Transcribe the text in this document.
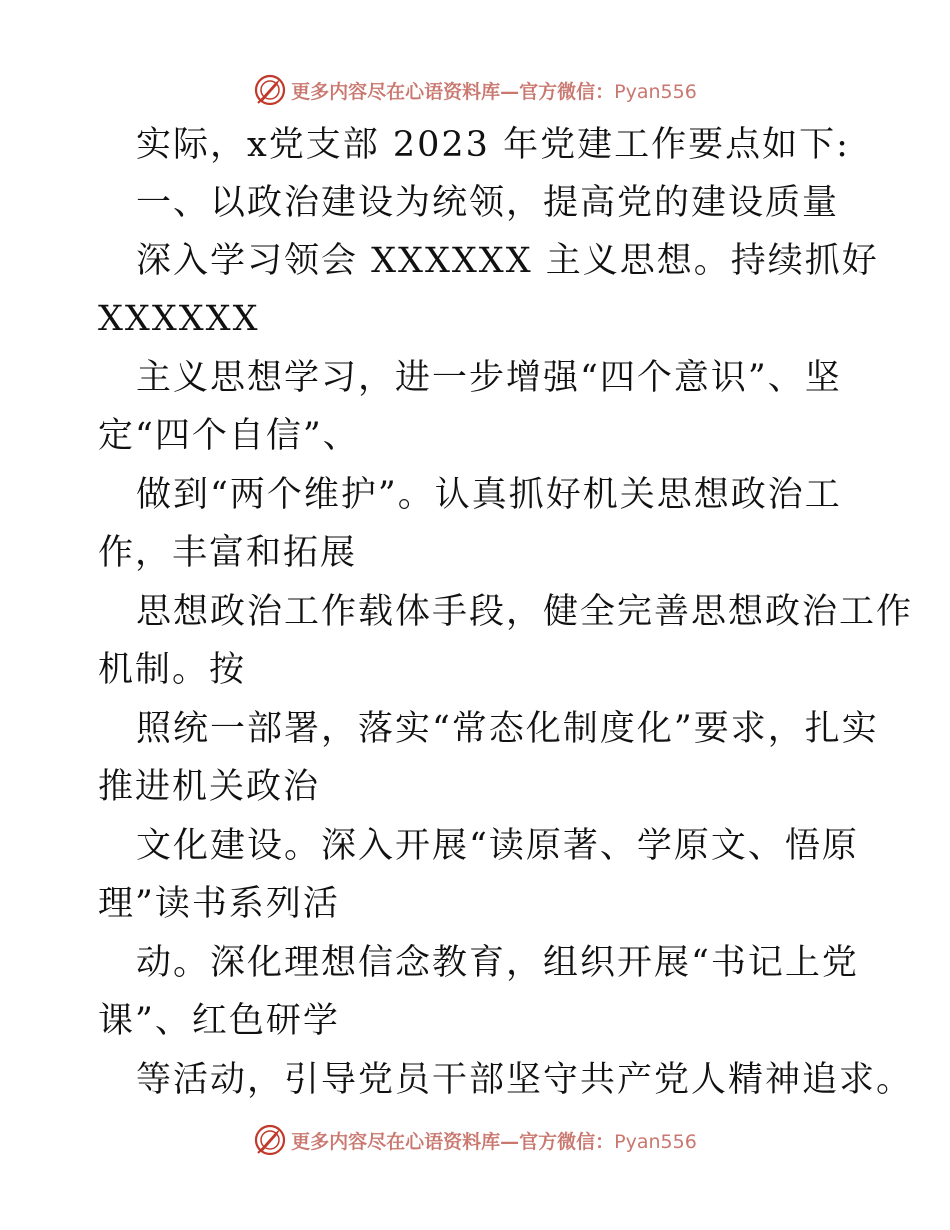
更多内容尽在心语资料库—官方微信：Pyan556
实际，x党支部 2023 年党建工作要点如下:
一、以政治建设为统领，提高党的建设质量
深入学习领会 XXXXXX 主义思想。持续抓好
XXXXXX
主义思想学习，进一步增强“四个意识”、坚
定“四个自信”、
做到“两个维护”。认真抓好机关思想政治工
作，丰富和拓展
思想政治工作载体手段，健全完善思想政治工作
机制。按
照统一部署，落实“常态化制度化”要求，扎实
推进机关政治
文化建设。深入开展“读原著、学原文、悟原
理”读书系列活
动。深化理想信念教育，组织开展“书记上党
课”、红色研学
等活动，引导党员干部坚守共产党人精神追求。
更多内容尽在心语资料库—官方微信：Pyan556
